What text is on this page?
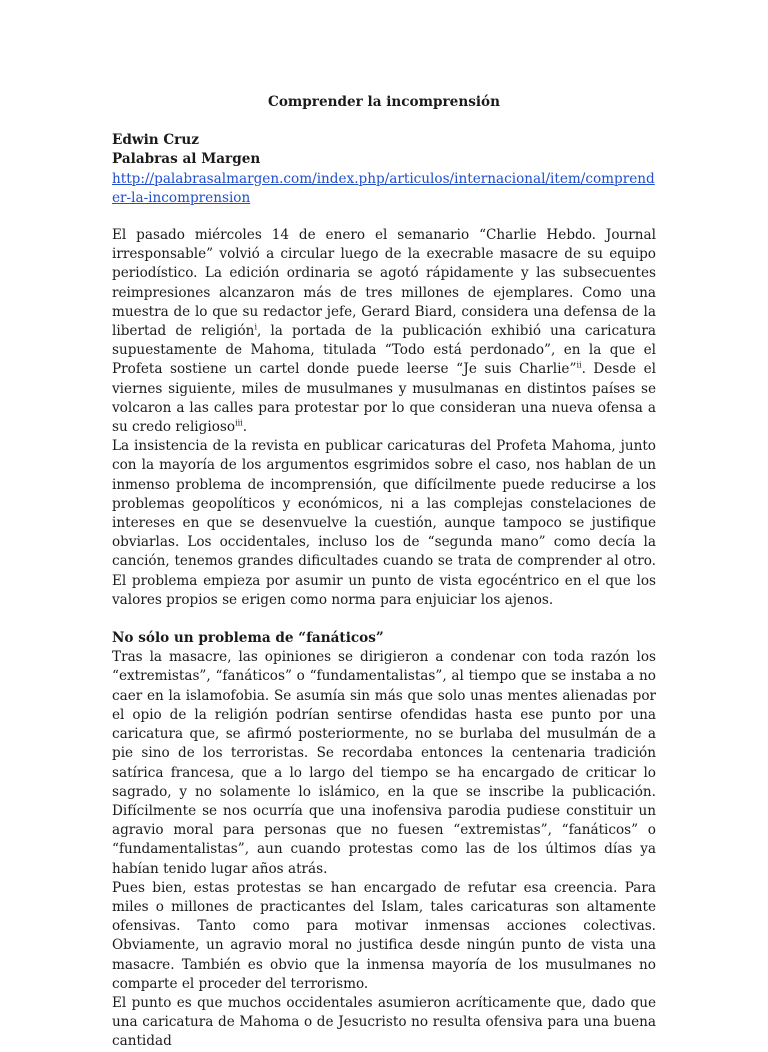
Comprender la incomprensión

Edwin Cruz

Palabras al Margen

http://palabrasalmargen.com/index.php/articulos/internacional/item/comprender-la-incomprension

El pasado miércoles 14 de enero el semanario “Charlie Hebdo. Journal irresponsable” volvió a circular luego de la execrable masacre de su equipo periodístico. La edición ordinaria se agotó rápidamente y las subsecuentes reimpresiones alcanzaron más de tres millones de ejemplares. Como una muestra de lo que su redactor jefe, Gerard Biard, considera una defensa de la libertad de religión$^i$, la portada de la publicación exhibió una caricatura supuestamente de Mahoma, titulada “Todo está perdonado”, en la que el Profeta sostiene un cartel donde puede leerse “Je suis Charlie”$^{ii}$. Desde el viernes siguiente, miles de musulmanes y musulmanas en distintos países se volcaron a las calles para protestar por lo que consideran una nueva ofensa a su credo religioso$^{iii}$.

La insistencia de la revista en publicar caricaturas del Profeta Mahoma, junto con la mayoría de los argumentos esgrimidos sobre el caso, nos hablan de un inmenso problema de incomprensión, que difícilmente puede reducirse a los problemas geopolíticos y económicos, ni a las complejas constelaciones de intereses en que se desenvuelve la cuestión, aunque tampoco se justifique obviarlas. Los occidentales, incluso los de “segunda mano” como decía la canción, tenemos grandes dificultades cuando se trata de comprender al otro. El problema empieza por asumir un punto de vista egocéntrico en el que los valores propios se erigen como norma para enjuiciar los ajenos.

No sólo un problema de “fanáticos”

Tras la masacre, las opiniones se dirigieron a condenar con toda razón los “extremistas”, “fanáticos” o “fundamentalistas”, al tiempo que se instaba a no caer en la islamofobia. Se asumía sin más que solo unas mentes alienadas por el opio de la religión podrían sentirse ofendidas hasta ese punto por una caricatura que, se afirmó posteriormente, no se burlaba del musulmán de a pie sino de los terroristas. Se recordaba entonces la centenaria tradición satírica francesa, que a lo largo del tiempo se ha encargado de criticar lo sagrado, y no solamente lo islámico, en la que se inscribe la publicación. Difícilmente se nos ocurría que una inofensiva parodia pudiese constituir un agravio moral para personas que no fuesen “extremistas”, “fanáticos” o “fundamentalistas”, aun cuando protestas como las de los últimos días ya habían tenido lugar años atrás.

Pues bien, estas protestas se han encargado de refutar esa creencia. Para miles o millones de practicantes del Islam, tales caricaturas son altamente ofensivas. Tanto como para motivar inmensas acciones colectivas. Obviamente, un agravio moral no justifica desde ningún punto de vista una masacre. También es obvio que la inmensa mayoría de los musulmanes no comparte el proceder del terrorismo.

El punto es que muchos occidentales asumieron acríticamente que, dado que una caricatura de Mahoma o de Jesucristo no resulta ofensiva para una buena cantidad
